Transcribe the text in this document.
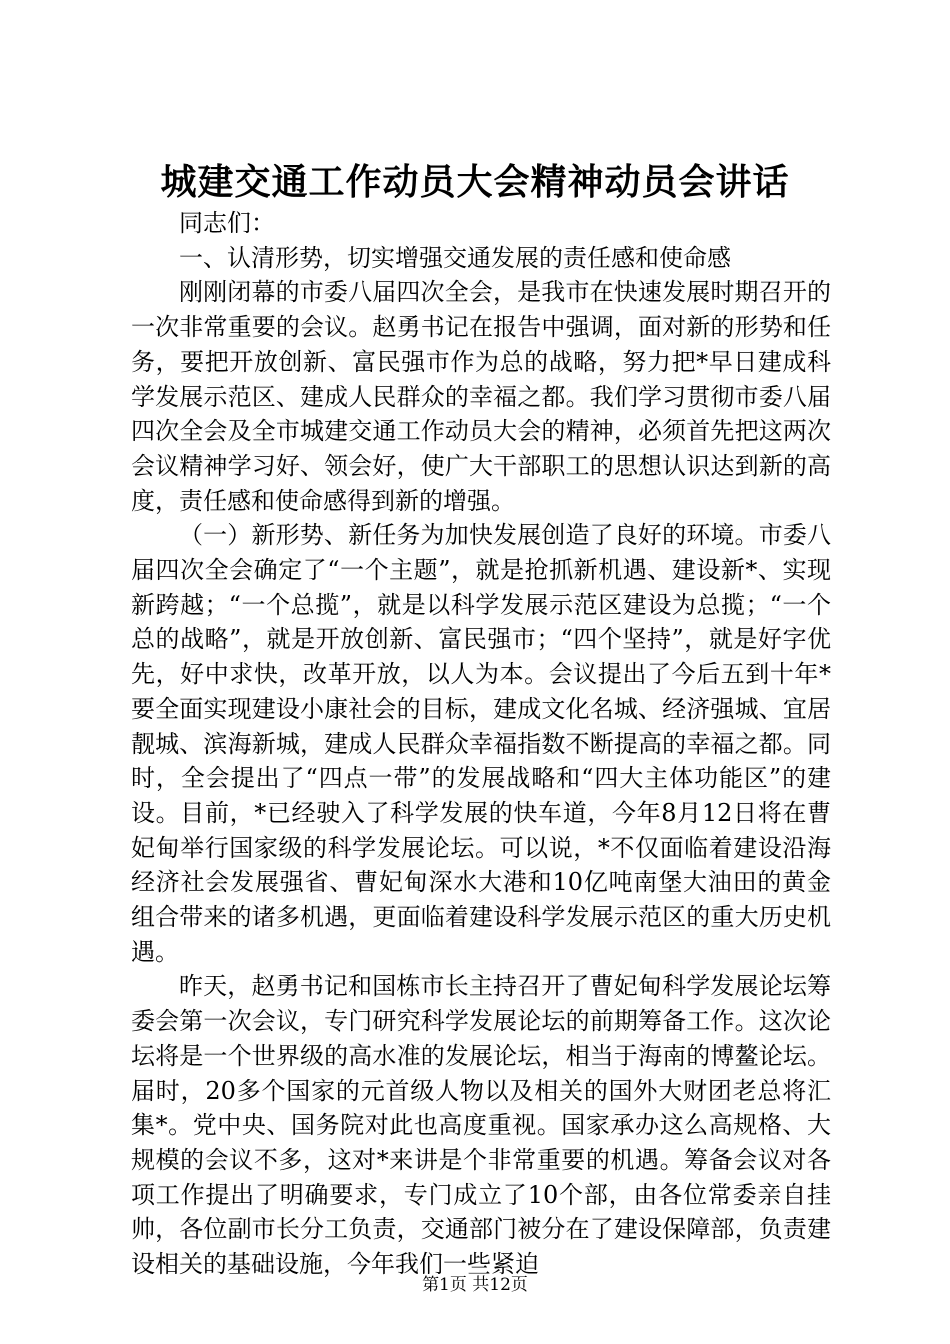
城建交通工作动员大会精神动员会讲话

同志们：

一、认清形势，切实增强交通发展的责任感和使命感

刚刚闭幕的市委八届四次全会，是我市在快速发展时期召开的一次非常重要的会议。赵勇书记在报告中强调，面对新的形势和任务，要把开放创新、富民强市作为总的战略，努力把*早日建成科学发展示范区、建成人民群众的幸福之都。我们学习贯彻市委八届四次全会及全市城建交通工作动员大会的精神，必须首先把这两次会议精神学习好、领会好，使广大干部职工的思想认识达到新的高度，责任感和使命感得到新的增强。

（一）新形势、新任务为加快发展创造了良好的环境。市委八届四次全会确定了“一个主题”，就是抢抓新机遇、建设新*、实现新跨越；“一个总揽”，就是以科学发展示范区建设为总揽；“一个总的战略”，就是开放创新、富民强市；“四个坚持”，就是好字优先，好中求快，改革开放，以人为本。会议提出了今后五到十年*要全面实现建设小康社会的目标，建成文化名城、经济强城、宜居靓城、滨海新城，建成人民群众幸福指数不断提高的幸福之都。同时，全会提出了“四点一带”的发展战略和“四大主体功能区”的建设。目前，*已经驶入了科学发展的快车道，今年8月12日将在曹妃甸举行国家级的科学发展论坛。可以说，*不仅面临着建设沿海经济社会发展强省、曹妃甸深水大港和10亿吨南堡大油田的黄金组合带来的诸多机遇，更面临着建设科学发展示范区的重大历史机遇。

昨天，赵勇书记和国栋市长主持召开了曹妃甸科学发展论坛筹委会第一次会议，专门研究科学发展论坛的前期筹备工作。这次论坛将是一个世界级的高水准的发展论坛，相当于海南的博鳌论坛。届时，20多个国家的元首级人物以及相关的国外大财团老总将汇集*。党中央、国务院对此也高度重视。国家承办这么高规格、大规模的会议不多，这对*来讲是个非常重要的机遇。筹备会议对各项工作提出了明确要求，专门成立了10个部，由各位常委亲自挂帅，各位副市长分工负责，交通部门被分在了建设保障部，负责建设相关的基础设施，今年我们一些紧迫

第1页 共12页
